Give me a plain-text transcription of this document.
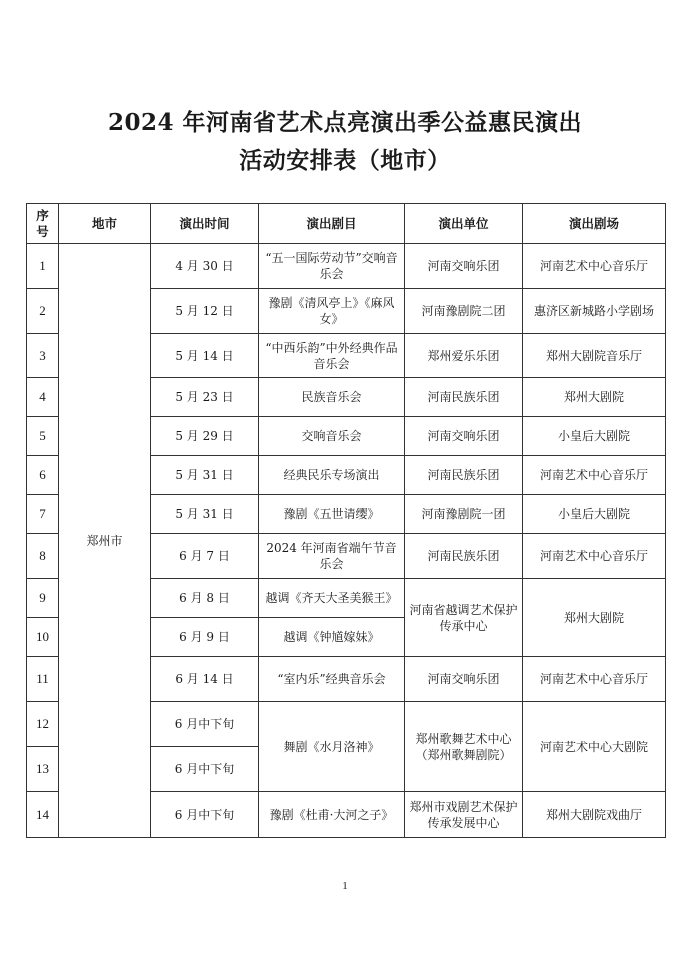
2024 年河南省艺术点亮演出季公益惠民演出
活动安排表（地市）
序号	地市	演出时间	演出剧目	演出单位	演出剧场
1	郑州市	4 月 30 日	“五一国际劳动节”交响音乐会	河南交响乐团	河南艺术中心音乐厅
2		5 月 12 日	豫剧《清风亭上》《麻风女》	河南豫剧院二团	惠济区新城路小学剧场
3		5 月 14 日	“中西乐韵”中外经典作品音乐会	郑州爱乐乐团	郑州大剧院音乐厅
4		5 月 23 日	民族音乐会	河南民族乐团	郑州大剧院
5		5 月 29 日	交响音乐会	河南交响乐团	小皇后大剧院
6		5 月 31 日	经典民乐专场演出	河南民族乐团	河南艺术中心音乐厅
7		5 月 31 日	豫剧《五世请缨》	河南豫剧院一团	小皇后大剧院
8		6 月 7 日	2024 年河南省端午节音乐会	河南民族乐团	河南艺术中心音乐厅
9		6 月 8 日	越调《齐天大圣美猴王》	河南省越调艺术保护传承中心	郑州大剧院
10		6 月 9 日	越调《钟馗嫁妹》		
11		6 月 14 日	“室内乐”经典音乐会	河南交响乐团	河南艺术中心音乐厅
12		6 月中下旬	舞剧《水月洛神》	郑州歌舞艺术中心（郑州歌舞剧院）	河南艺术中心大剧院
13		6 月中下旬			
14		6 月中下旬	豫剧《杜甫·大河之子》	郑州市戏剧艺术保护传承发展中心	郑州大剧院戏曲厅
1
